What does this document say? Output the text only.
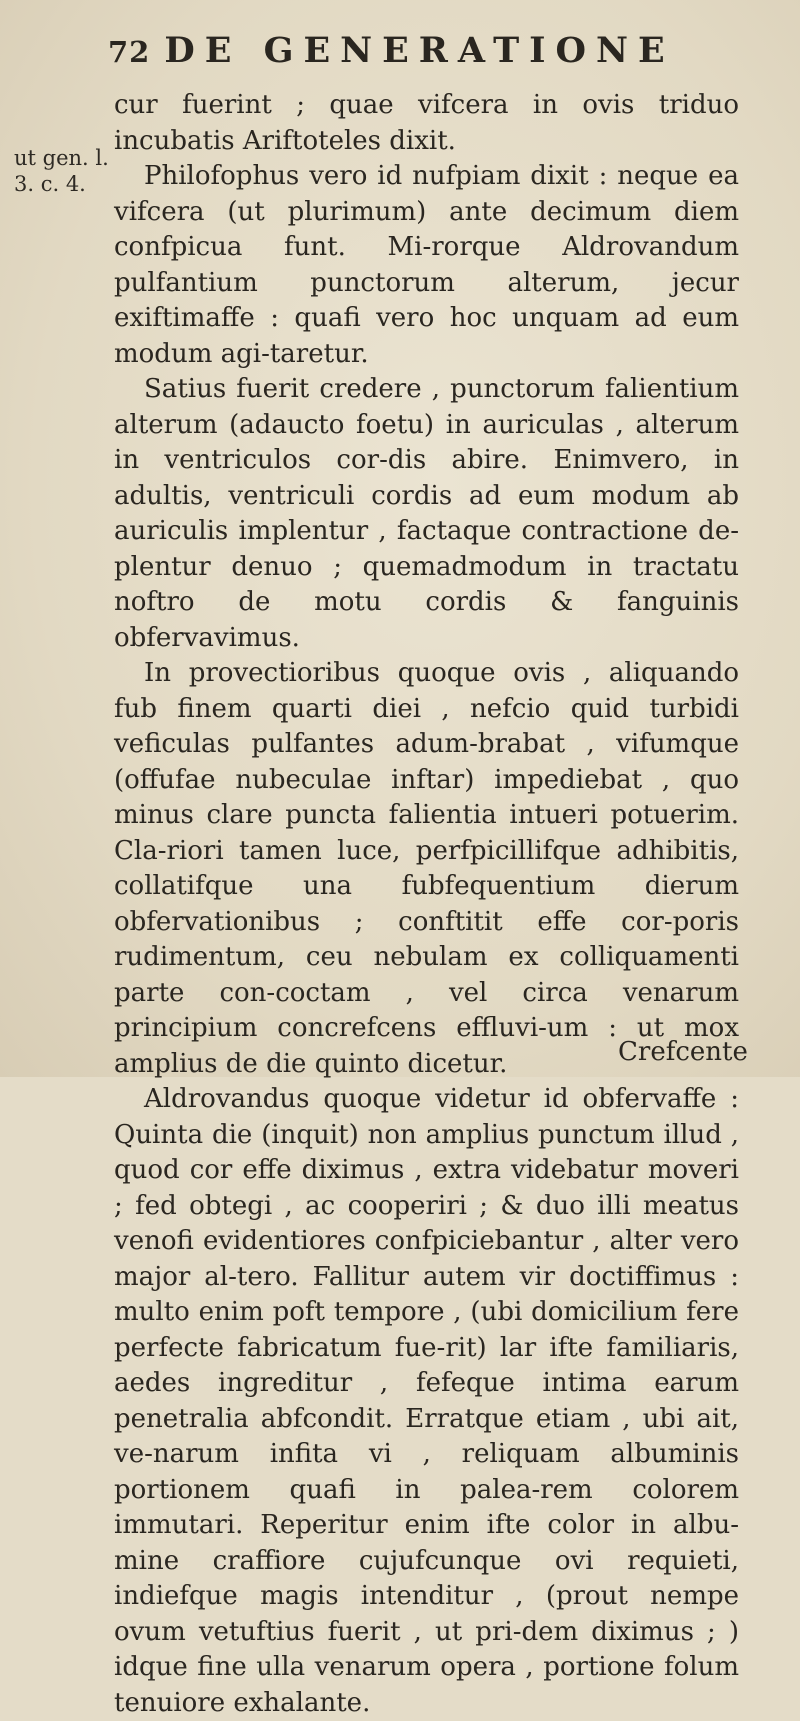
72 DE GENERATIONE
ut gen. l.
3. c. 4.

cur fuerint ; quae vifcera in ovis triduo incubatis Ariftoteles dixit.

Philofophus vero id nufpiam dixit : neque ea vifcera (ut plurimum) ante decimum diem confpicua funt. Mi-rorque Aldrovandum pulfantium punctorum alterum, jecur exiftimaffe : quafi vero hoc unquam ad eum modum agi-taretur.

Satius fuerit credere , punctorum falientium alterum (adaucto foetu) in auriculas , alterum in ventriculos cor-dis abire. Enimvero, in adultis, ventriculi cordis ad eum modum ab auriculis implentur , factaque contractione de-plentur denuo ; quemadmodum in tractatu noftro de motu cordis & fanguinis obfervavimus.

In provectioribus quoque ovis , aliquando fub finem quarti diei , nefcio quid turbidi veficulas pulfantes adum-brabat , vifumque (offufae nubeculae inftar) impediebat , quo minus clare puncta falientia intueri potuerim. Cla-riori tamen luce, perfpicillifque adhibitis, collatifque una fubfequentium dierum obfervationibus ; conftitit effe cor-poris rudimentum, ceu nebulam ex colliquamenti parte con-coctam , vel circa venarum principium concrefcens effluvi-um : ut mox amplius de die quinto dicetur.

Aldrovandus quoque videtur id obfervaffe : Quinta die (inquit) non amplius punctum illud , quod cor effe diximus , extra videbatur moveri ; fed obtegi , ac cooperiri ; & duo illi meatus venofi evidentiores confpiciebantur , alter vero major al-tero. Fallitur autem vir doctiffimus : multo enim poft tempore , (ubi domicilium fere perfecte fabricatum fue-rit) lar ifte familiaris, aedes ingreditur , fefeque intima earum penetralia abfcondit. Erratque etiam , ubi ait, ve-narum infita vi , reliquam albuminis portionem quafi in palea-rem colorem immutari. Reperitur enim ifte color in albu-mine craffiore cujufcunque ovi requieti, indiefque magis intenditur , (prout nempe ovum vetuftius fuerit , ut pri-dem diximus ; ) idque fine ulla venarum opera , portione folum tenuiore exhalante.

Crefcente
